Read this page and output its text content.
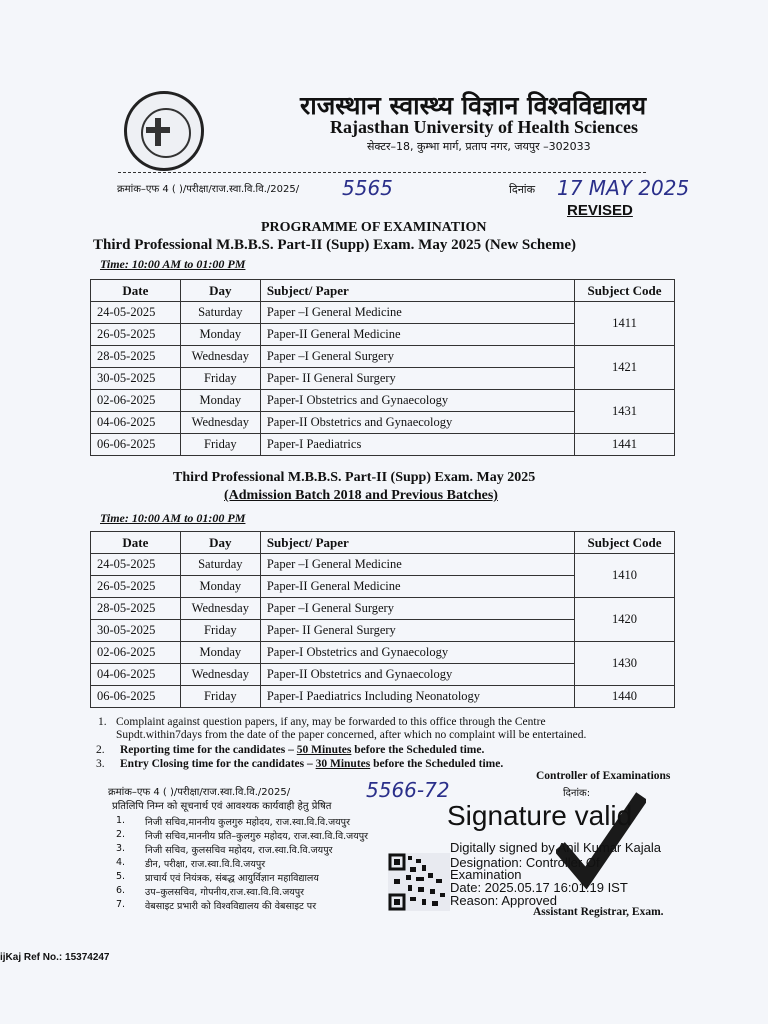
राजस्थान स्वास्थ्य विज्ञान विश्वविद्यालय
Rajasthan University of Health Sciences
सेक्टर–18, कुम्भा मार्ग, प्रताप नगर, जयपुर –302033
क्रमांक–एफ 4 ( )/परीक्षा/राज.स्वा.वि.वि./2025/ 5565	दिनांक 17 MAY 2025
REVISED
PROGRAMME OF EXAMINATION
Third Professional M.B.B.S. Part-II (Supp) Exam. May 2025 (New Scheme)
Time: 10:00 AM to 01:00 PM
Date	Day	Subject/ Paper	Subject Code
24-05-2025	Saturday	Paper –I General Medicine	1411
26-05-2025	Monday	Paper-II General Medicine	
28-05-2025	Wednesday	Paper –I General Surgery	1421
30-05-2025	Friday	Paper- II General Surgery	
02-06-2025	Monday	Paper-I Obstetrics and Gynaecology	1431
04-06-2025	Wednesday	Paper-II Obstetrics and Gynaecology	
06-06-2025	Friday	Paper-I Paediatrics	1441
Third Professional M.B.B.S. Part-II (Supp) Exam. May 2025
(Admission Batch 2018 and Previous Batches)
Time: 10:00 AM to 01:00 PM
Date	Day	Subject/ Paper	Subject Code
24-05-2025	Saturday	Paper –I General Medicine	1410
26-05-2025	Monday	Paper-II General Medicine	
28-05-2025	Wednesday	Paper –I General Surgery	1420
30-05-2025	Friday	Paper- II General Surgery	
02-06-2025	Monday	Paper-I Obstetrics and Gynaecology	1430
04-06-2025	Wednesday	Paper-II Obstetrics and Gynaecology	
06-06-2025	Friday	Paper-I Paediatrics Including Neonatology	1440
1. Complaint against question papers, if any, may be forwarded to this office through the Centre
Supdt.within7days from the date of the paper concerned, after which no complaint will be entertained.
2. Reporting time for the candidates – 50 Minutes before the Scheduled time.
3. Entry Closing time for the candidates – 30 Minutes before the Scheduled time.
Controller of Examinations
दिनांक:
क्रमांक–एफ 4 ( )/परीक्षा/राज.स्वा.वि.वि./2025/	5566-72
प्रतिलिपि निम्न को सूचनार्थ एवं आवश्यक कार्यवाही हेतु प्रेषित
1. निजी सचिव,माननीय कुलगुरु महोदय, राज.स्वा.वि.वि.जयपुर
2. निजी सचिव,माननीय प्रति–कुलगुरु महोदय, राज.स्वा.वि.वि.जयपुर
3. निजी सचिव, कुलसचिव महोदय, राज.स्वा.वि.वि.जयपुर
4. डीन, परीक्षा, राज.स्वा.वि.वि.जयपुर
5. प्राचार्य एवं नियंत्रक, संबद्ध आयुर्विज्ञान महाविद्यालय
6. उप–कुलसचिव, गोपनीय,राज.स्वा.वि.वि.जयपुर
7. वेबसाइट प्रभारी को विश्वविद्यालय की वेबसाइट पर
Signature valid
Digitally signed by Anil Kumar Kajala
Designation: Controller Of
Examination
Date: 2025.05.17 16:01:19 IST
Reason: Approved
Assistant Registrar, Exam.
ijKaj Ref No.: 15374247
